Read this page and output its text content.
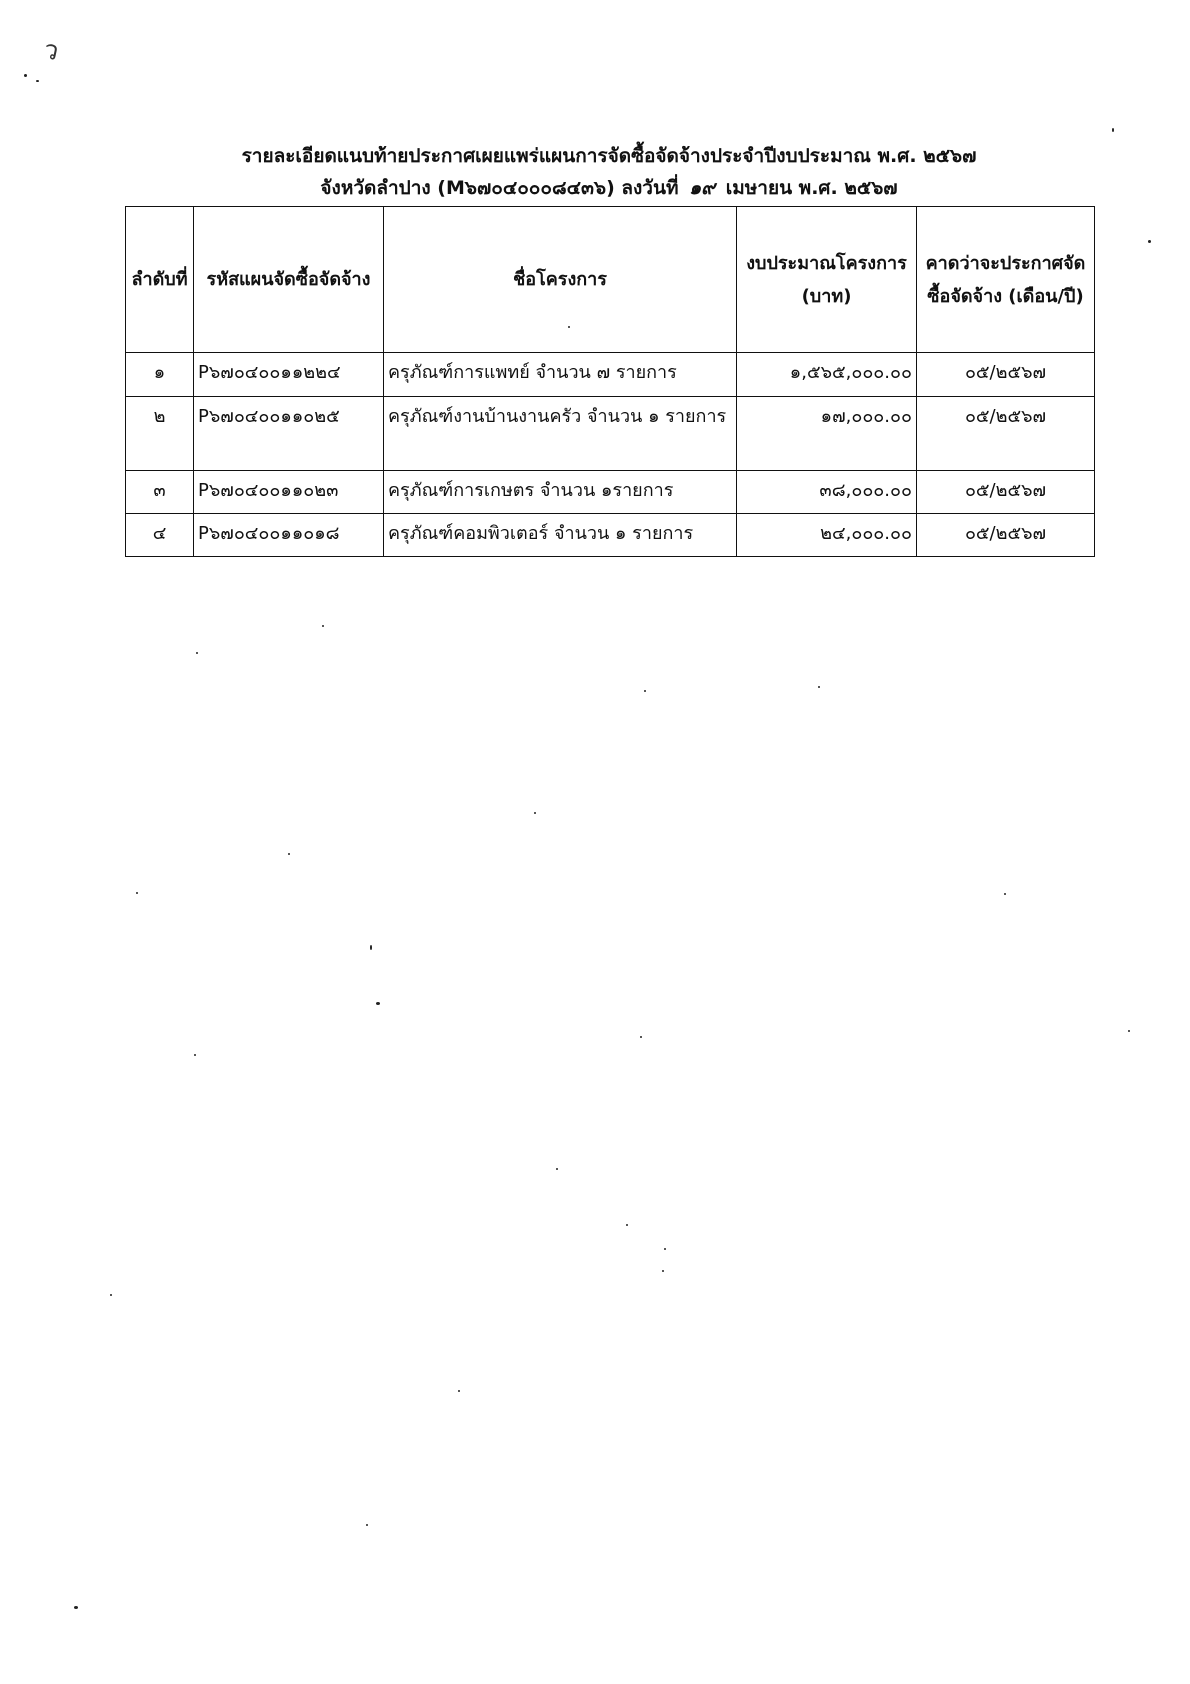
ว
รายละเอียดแนบท้ายประกาศเผยแพร่แผนการจัดซื้อจัดจ้างประจำปีงบประมาณ พ.ศ. ๒๕๖๗
จังหวัดลำปาง (M๖๗๐๔๐๐๐๘๔๓๖) ลงวันที่ ๑๙ เมษายน พ.ศ. ๒๕๖๗
ลำดับที่	รหัสแผนจัดซื้อจัดจ้าง	ชื่อโครงการ	งบประมาณโครงการ (บาท)	คาดว่าจะประกาศจัดซื้อจัดจ้าง (เดือน/ปี)
๑	P๖๗๐๔๐๐๑๑๒๒๔	ครุภัณฑ์การแพทย์ จำนวน ๗ รายการ	๑,๕๖๕,๐๐๐.๐๐	๐๕/๒๕๖๗
๒	P๖๗๐๔๐๐๑๑๐๒๕	ครุภัณฑ์งานบ้านงานครัว จำนวน ๑ รายการ	๑๗,๐๐๐.๐๐	๐๕/๒๕๖๗
๓	P๖๗๐๔๐๐๑๑๐๒๓	ครุภัณฑ์การเกษตร จำนวน ๑รายการ	๓๘,๐๐๐.๐๐	๐๕/๒๕๖๗
๔	P๖๗๐๔๐๐๑๑๐๑๘	ครุภัณฑ์คอมพิวเตอร์ จำนวน ๑ รายการ	๒๔,๐๐๐.๐๐	๐๕/๒๕๖๗
